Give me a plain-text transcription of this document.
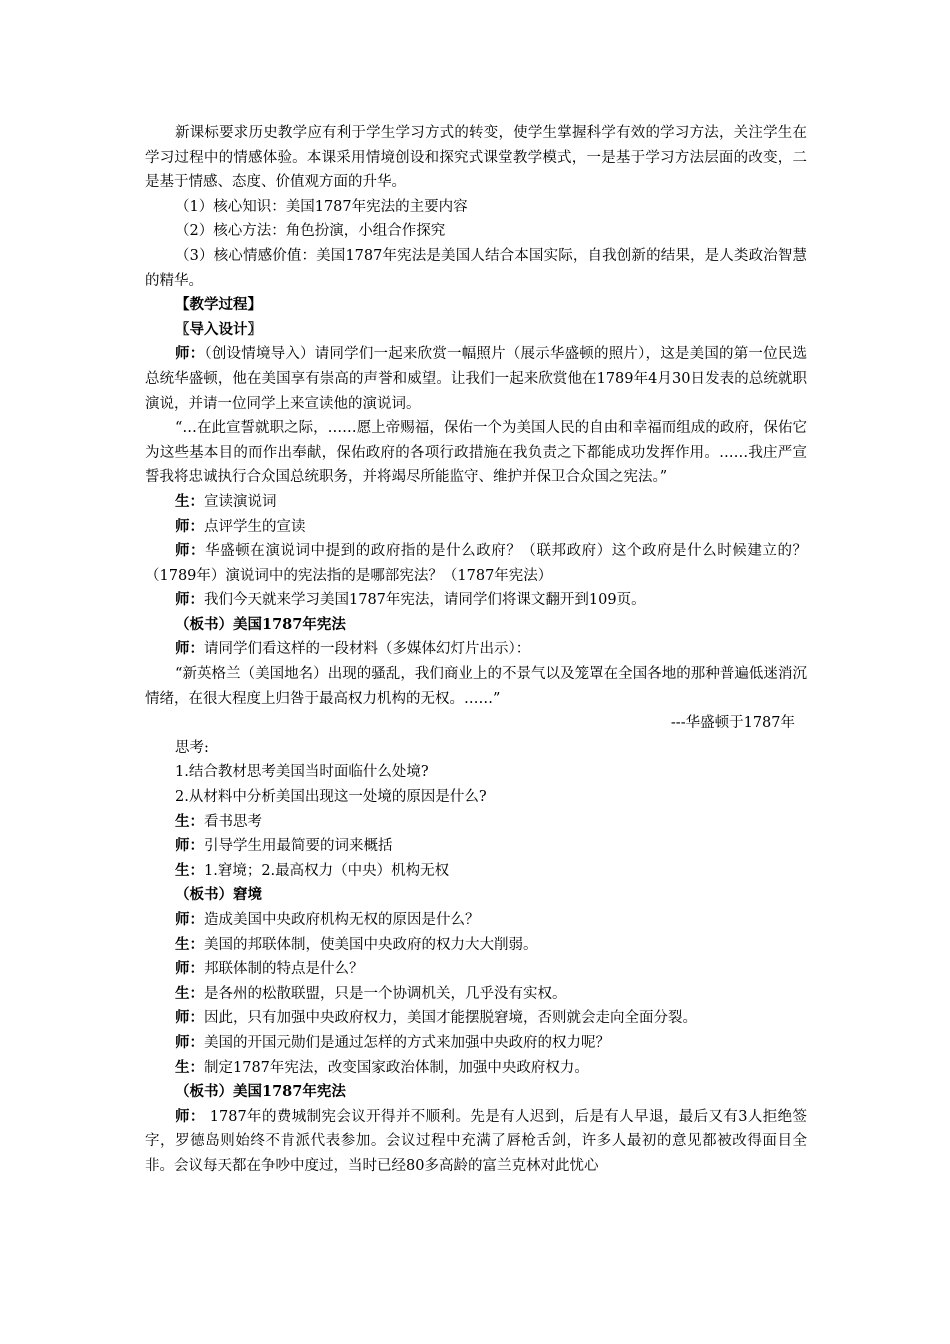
新课标要求历史教学应有利于学生学习方式的转变，使学生掌握科学有效的学习方法，关注学生在学习过程中的情感体验。本课采用情境创设和探究式课堂教学模式，一是基于学习方法层面的改变，二是基于情感、态度、价值观方面的升华。

（1）核心知识：美国1787年宪法的主要内容

（2）核心方法：角色扮演，小组合作探究

（3）核心情感价值：美国1787年宪法是美国人结合本国实际，自我创新的结果，是人类政治智慧的精华。

【教学过程】

〖导入设计〗

师：（创设情境导入）请同学们一起来欣赏一幅照片（展示华盛顿的照片），这是美国的第一位民选总统华盛顿，他在美国享有崇高的声誉和威望。让我们一起来欣赏他在1789年4月30日发表的总统就职演说，并请一位同学上来宣读他的演说词。

“…在此宣誓就职之际，……愿上帝赐福，保佑一个为美国人民的自由和幸福而组成的政府，保佑它为这些基本目的而作出奉献，保佑政府的各项行政措施在我负责之下都能成功发挥作用。……我庄严宣誓我将忠诚执行合众国总统职务，并将竭尽所能监守、维护并保卫合众国之宪法。”

生：宣读演说词

师：点评学生的宣读

师：华盛顿在演说词中提到的政府指的是什么政府？（联邦政府）这个政府是什么时候建立的？（1789年）演说词中的宪法指的是哪部宪法？（1787年宪法）

师：我们今天就来学习美国1787年宪法，请同学们将课文翻开到109页。

（板书）美国1787年宪法

师：请同学们看这样的一段材料（多媒体幻灯片出示）：

“新英格兰（美国地名）出现的骚乱，我们商业上的不景气以及笼罩在全国各地的那种普遍低迷消沉情绪，在很大程度上归咎于最高权力机构的无权。……”

---华盛顿于1787年

思考:

1.结合教材思考美国当时面临什么处境?

2.从材料中分析美国出现这一处境的原因是什么?

生：看书思考

师：引导学生用最简要的词来概括

生：1.窘境；2.最高权力（中央）机构无权

（板书）窘境

师：造成美国中央政府机构无权的原因是什么？

生：美国的邦联体制，使美国中央政府的权力大大削弱。

师：邦联体制的特点是什么？

生：是各州的松散联盟，只是一个协调机关，几乎没有实权。

师：因此，只有加强中央政府权力，美国才能摆脱窘境，否则就会走向全面分裂。

师：美国的开国元勋们是通过怎样的方式来加强中央政府的权力呢？

生：制定1787年宪法，改变国家政治体制，加强中央政府权力。

（板书）美国1787年宪法

师： 1787年的费城制宪会议开得并不顺利。先是有人迟到，后是有人早退，最后又有3人拒绝签字，罗德岛则始终不肯派代表参加。会议过程中充满了唇枪舌剑，许多人最初的意见都被改得面目全非。会议每天都在争吵中度过，当时已经80多高龄的富兰克林对此忧心
